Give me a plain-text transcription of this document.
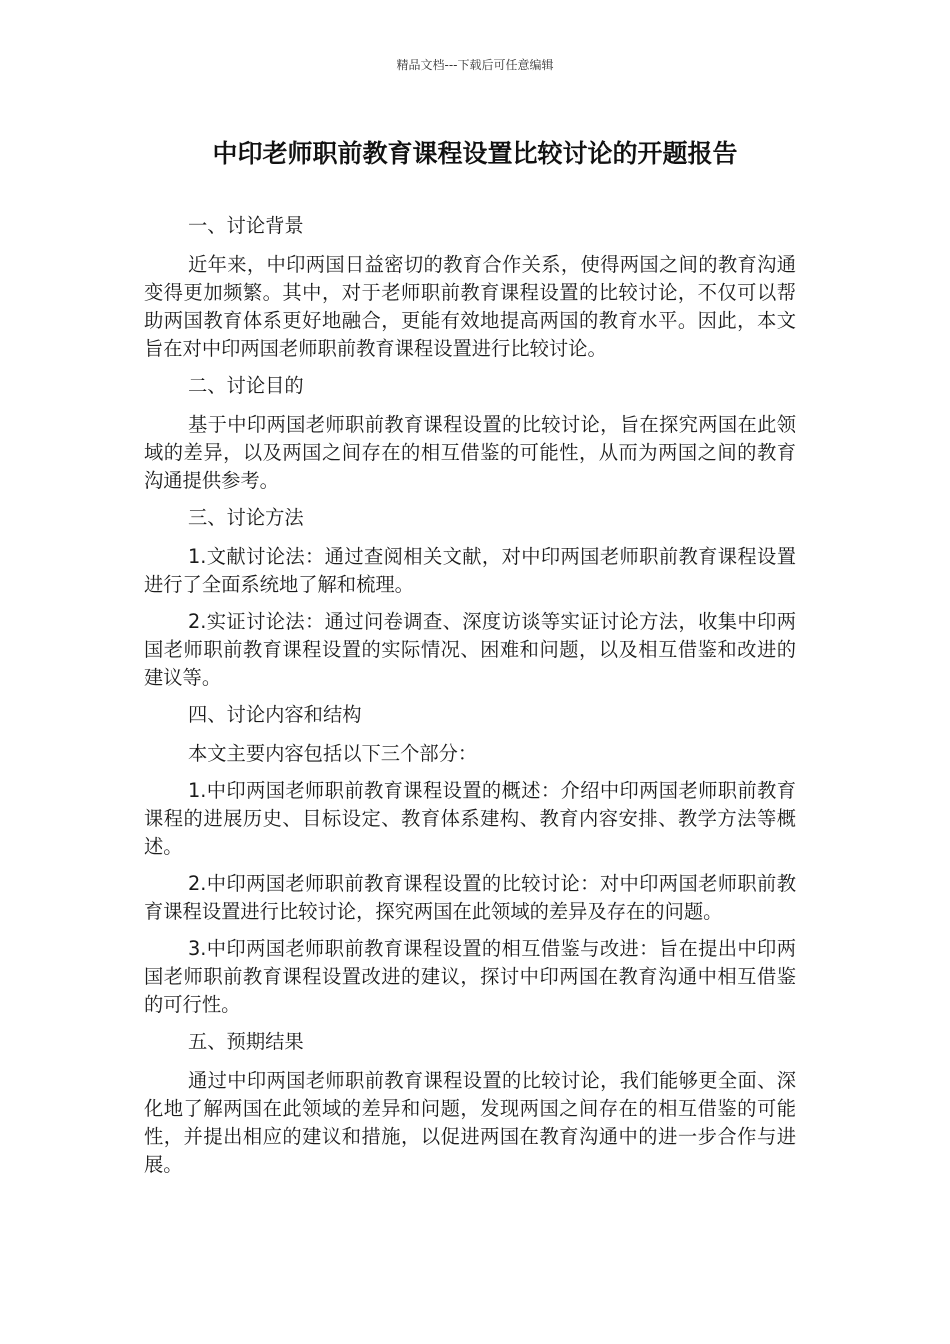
精品文档---下载后可任意编辑
中印老师职前教育课程设置比较讨论的开题报告

一、讨论背景

近年来，中印两国日益密切的教育合作关系，使得两国之间的教育沟通变得更加频繁。其中，对于老师职前教育课程设置的比较讨论，不仅可以帮助两国教育体系更好地融合，更能有效地提高两国的教育水平。因此，本文旨在对中印两国老师职前教育课程设置进行比较讨论。

二、讨论目的

基于中印两国老师职前教育课程设置的比较讨论，旨在探究两国在此领域的差异，以及两国之间存在的相互借鉴的可能性，从而为两国之间的教育沟通提供参考。

三、讨论方法

1.文献讨论法：通过查阅相关文献，对中印两国老师职前教育课程设置进行了全面系统地了解和梳理。

2.实证讨论法：通过问卷调查、深度访谈等实证讨论方法，收集中印两国老师职前教育课程设置的实际情况、困难和问题，以及相互借鉴和改进的建议等。

四、讨论内容和结构

本文主要内容包括以下三个部分：

1.中印两国老师职前教育课程设置的概述：介绍中印两国老师职前教育课程的进展历史、目标设定、教育体系建构、教育内容安排、教学方法等概述。

2.中印两国老师职前教育课程设置的比较讨论：对中印两国老师职前教育课程设置进行比较讨论，探究两国在此领域的差异及存在的问题。

3.中印两国老师职前教育课程设置的相互借鉴与改进：旨在提出中印两国老师职前教育课程设置改进的建议，探讨中印两国在教育沟通中相互借鉴的可行性。

五、预期结果

通过中印两国老师职前教育课程设置的比较讨论，我们能够更全面、深化地了解两国在此领域的差异和问题，发现两国之间存在的相互借鉴的可能性，并提出相应的建议和措施，以促进两国在教育沟通中的进一步合作与进展。
